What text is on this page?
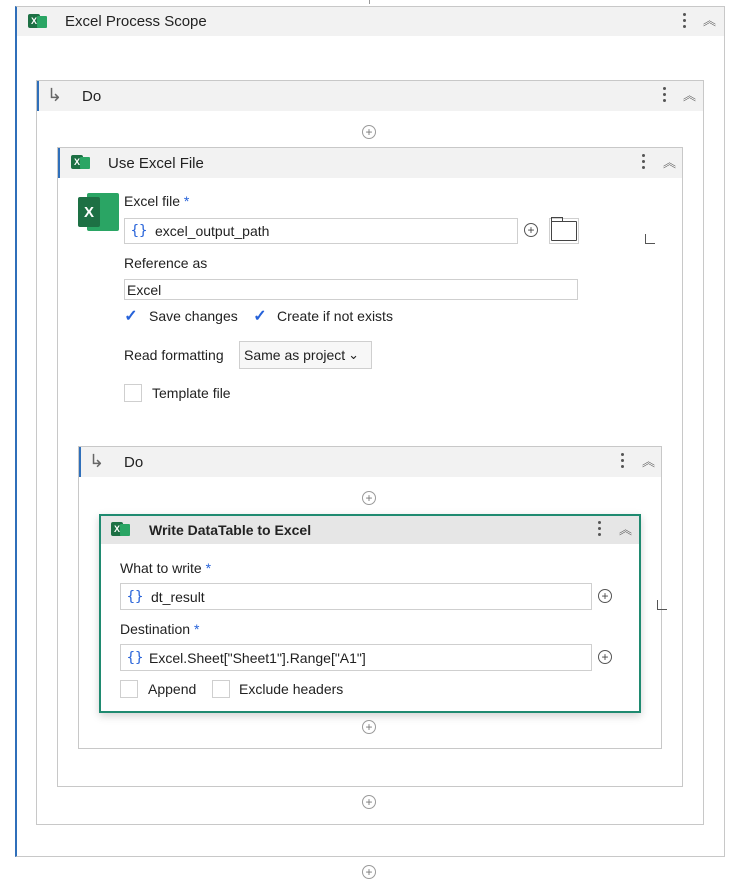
X Excel Process Scope	︽
↳ Do	︽
+
X Use Excel File	︽
X
Excel file *
{} excel_output_path	+
Reference as
Excel
✓ Save changes ✓ Create if not exists
Read formatting Same as project ⌄
Template file
↳ Do	︽
+
X Write DataTable to Excel	︽
What to write *
{} dt_result	+
Destination *
{} Excel.Sheet["Sheet1"].Range["A1"]	+
Append	Exclude headers
+
+
+
